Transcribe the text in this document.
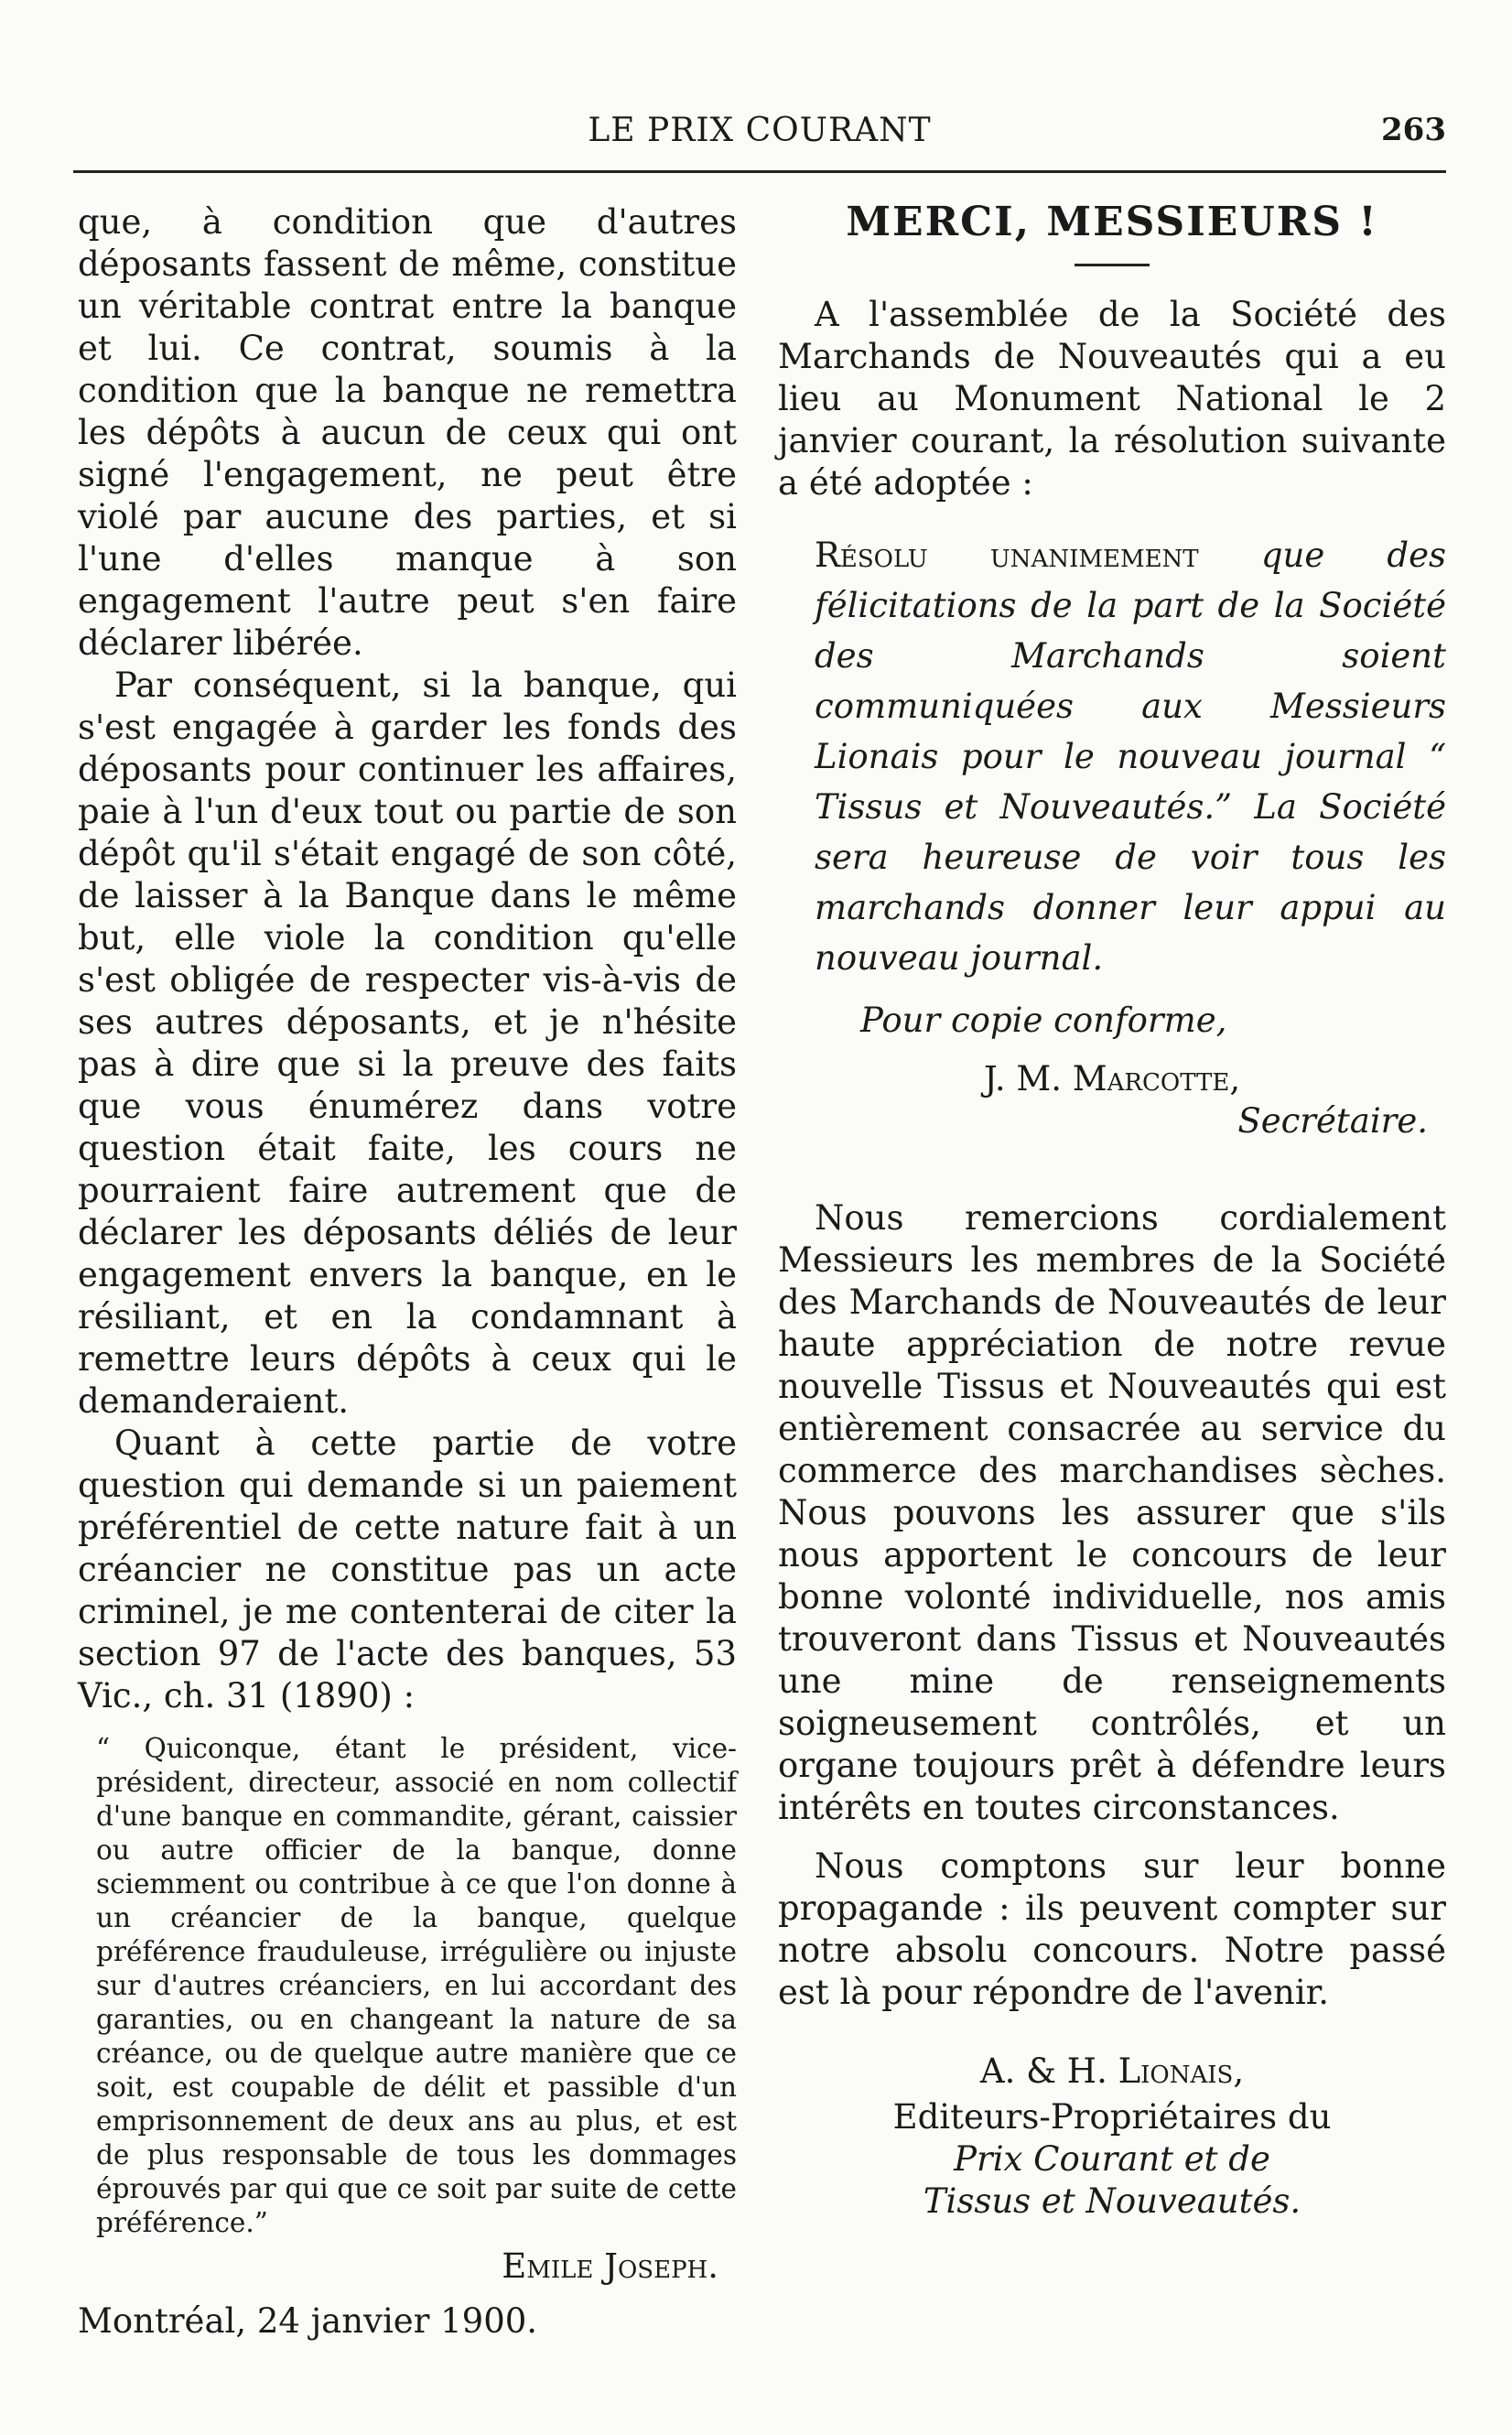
LE PRIX COURANT	263

que, à condition que d'autres déposants fassent de même, constitue un véritable contrat entre la banque et lui. Ce contrat, soumis à la condition que la banque ne remettra les dépôts à aucun de ceux qui ont signé l'engagement, ne peut être violé par aucune des parties, et si l'une d'elles manque à son engagement l'autre peut s'en faire déclarer libérée.

Par conséquent, si la banque, qui s'est engagée à garder les fonds des déposants pour continuer les affaires, paie à l'un d'eux tout ou partie de son dépôt qu'il s'était engagé de son côté, de laisser à la Banque dans le même but, elle viole la condition qu'elle s'est obligée de respecter vis-à-vis de ses autres déposants, et je n'hésite pas à dire que si la preuve des faits que vous énumérez dans votre question était faite, les cours ne pourraient faire autrement que de déclarer les déposants déliés de leur engagement envers la banque, en le résiliant, et en la condamnant à remettre leurs dépôts à ceux qui le demanderaient.

Quant à cette partie de votre question qui demande si un paiement préférentiel de cette nature fait à un créancier ne constitue pas un acte criminel, je me contenterai de citer la section 97 de l'acte des banques, 53 Vic., ch. 31 (1890) :

“ Quiconque, étant le président, vice-président, directeur, associé en nom collectif d'une banque en commandite, gérant, caissier ou autre officier de la banque, donne sciemment ou contribue à ce que l'on donne à un créancier de la banque, quelque préférence frauduleuse, irrégulière ou injuste sur d'autres créanciers, en lui accordant des garanties, ou en changeant la nature de sa créance, ou de quelque autre manière que ce soit, est coupable de délit et passible d'un emprisonnement de deux ans au plus, et est de plus responsable de tous les dommages éprouvés par qui que ce soit par suite de cette préférence.”

Emile Joseph.

Montréal, 24 janvier 1900.

MERCI, MESSIEURS !

A l'assemblée de la Société des Marchands de Nouveautés qui a eu lieu au Monument National le 2 janvier courant, la résolution suivante a été adoptée :

Résolu unanimement que des félicitations de la part de la Société des Marchands soient communiquées aux Messieurs Lionais pour le nouveau journal “ Tissus et Nouveautés.” La Société sera heureuse de voir tous les marchands donner leur appui au nouveau journal.

Pour copie conforme,

J. M. Marcotte,

Secrétaire.

Nous remercions cordialement Messieurs les membres de la Société des Marchands de Nouveautés de leur haute appréciation de notre revue nouvelle Tissus et Nouveautés qui est entièrement consacrée au service du commerce des marchandises sèches. Nous pouvons les assurer que s'ils nous apportent le concours de leur bonne volonté individuelle, nos amis trouveront dans Tissus et Nouveautés une mine de renseignements soigneusement contrôlés, et un organe toujours prêt à défendre leurs intérêts en toutes circonstances.

Nous comptons sur leur bonne propagande : ils peuvent compter sur notre absolu concours. Notre passé est là pour répondre de l'avenir.

A. & H. Lionais,
Editeurs-Propriétaires du
Prix Courant et de
Tissus et Nouveautés.
